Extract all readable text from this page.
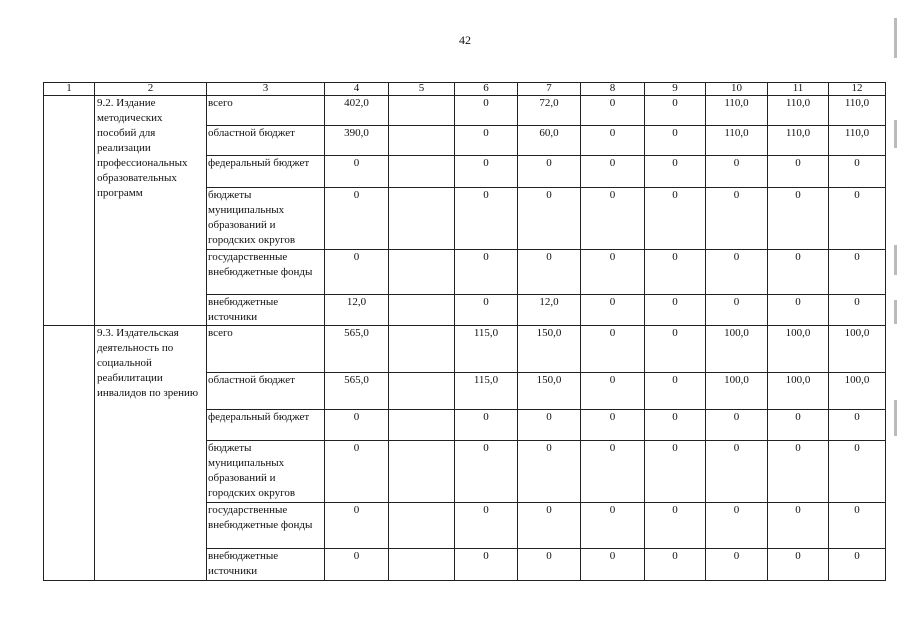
42
1	2	3	4	5	6	7	8	9	10	11	12
	9.2. Издание методических пособий для реализации профессиональных образовательных программ	всего	402,0		0	72,0	0	0	110,0	110,0	110,0
		областной бюджет	390,0		0	60,0	0	0	110,0	110,0	110,0
		федеральный бюджет	0		0	0	0	0	0	0	0
		бюджеты муниципальных образований и городских округов	0		0	0	0	0	0	0	0
		государственные внебюджетные фонды	0		0	0	0	0	0	0	0
		внебюджетные источники	12,0		0	12,0	0	0	0	0	0
	9.3. Издательская деятельность по социальной реабилитации инвалидов по зрению	всего	565,0		115,0	150,0	0	0	100,0	100,0	100,0
		областной бюджет	565,0		115,0	150,0	0	0	100,0	100,0	100,0
		федеральный бюджет	0		0	0	0	0	0	0	0
		бюджеты муниципальных образований и городских округов	0		0	0	0	0	0	0	0
		государственные внебюджетные фонды	0		0	0	0	0	0	0	0
		внебюджетные источники	0		0	0	0	0	0	0	0
